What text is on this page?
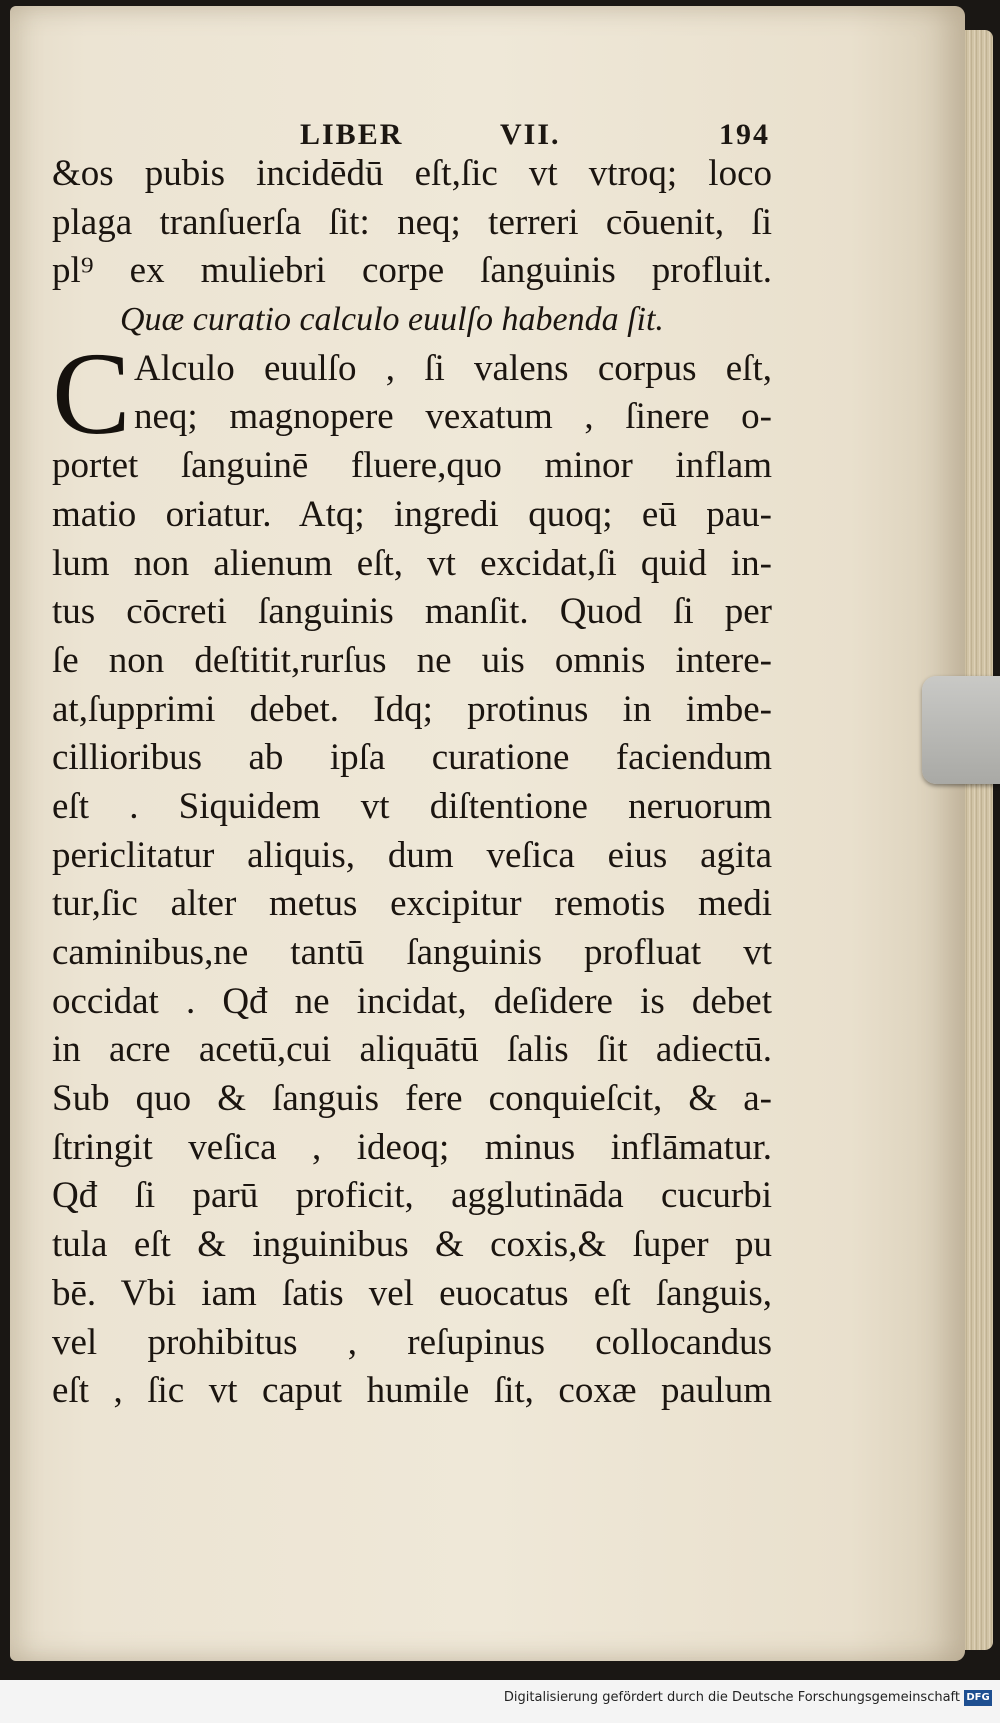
LIBER	VII.	194
&os pubis incidēdū eſt,ſic vt vtroq; loco
plaga tranſuerſa ſit: neq; terreri cōuenit, ſi
pl⁹ ex muliebri corpe ſanguinis profluit.
Quæ curatio calculo euulſo habenda ſit.
Alculo euulſo , ſi valens corpus eſt,
neq; magnopere vexatum , ſinere o-
portet ſanguinē fluere,quo minor inflam
matio oriatur. Atq; ingredi quoq; eū pau-
lum non alienum eſt, vt excidat,ſi quid in-
tus cōcreti ſanguinis manſit. Quod ſi per
ſe non deſtitit,rurſus ne uis omnis intere-
at,ſupprimi debet. Idq; protinus in imbe-
cillioribus ab ipſa curatione faciendum
eſt . Siquidem vt diſtentione neruorum
periclitatur aliquis, dum veſica eius agita
tur,ſic alter metus excipitur remotis medi
caminibus,ne tantū ſanguinis profluat vt
occidat . Qđ ne incidat, deſidere is debet
in acre acetū,cui aliquātū ſalis ſit adiectū.
Sub quo & ſanguis fere conquieſcit, & a-
ſtringit veſica , ideoq; minus inflāmatur.
Qđ ſi parū proficit, agglutināda cucurbi
tula eſt & inguinibus & coxis,& ſuper pu
bē. Vbi iam ſatis vel euocatus eſt ſanguis,
vel prohibitus , reſupinus collocandus
eſt , ſic vt caput humile ſit, coxæ paulum
C
Digitalisierung gefördert durch die Deutsche Forschungsgemeinschaft DFG
